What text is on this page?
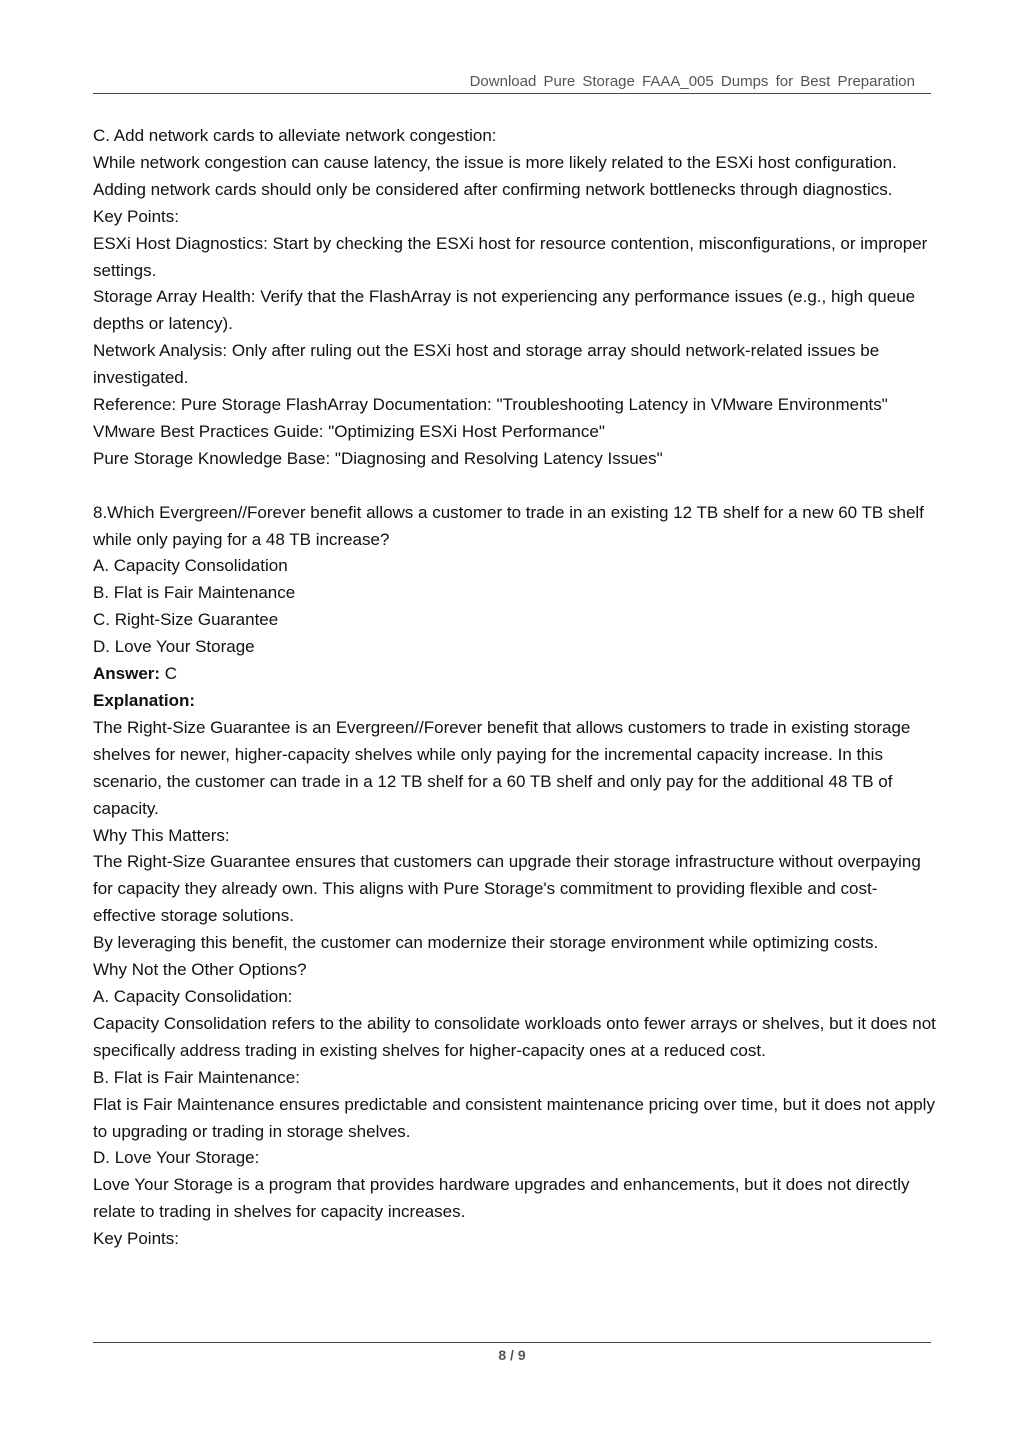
Download Pure Storage FAAA_005 Dumps for Best Preparation

C. Add network cards to alleviate network congestion:

While network congestion can cause latency, the issue is more likely related to the ESXi host configuration. Adding network cards should only be considered after confirming network bottlenecks through diagnostics.

Key Points:

ESXi Host Diagnostics: Start by checking the ESXi host for resource contention, misconfigurations, or improper settings.

Storage Array Health: Verify that the FlashArray is not experiencing any performance issues (e.g., high queue depths or latency).

Network Analysis: Only after ruling out the ESXi host and storage array should network-related issues be investigated.

Reference: Pure Storage FlashArray Documentation: "Troubleshooting Latency in VMware Environments"

VMware Best Practices Guide: "Optimizing ESXi Host Performance"

Pure Storage Knowledge Base: "Diagnosing and Resolving Latency Issues"

8.Which Evergreen//Forever benefit allows a customer to trade in an existing 12 TB shelf for a new 60 TB shelf while only paying for a 48 TB increase?

A. Capacity Consolidation

B. Flat is Fair Maintenance

C. Right-Size Guarantee

D. Love Your Storage

Answer: C

Explanation:

The Right-Size Guarantee is an Evergreen//Forever benefit that allows customers to trade in existing storage shelves for newer, higher-capacity shelves while only paying for the incremental capacity increase. In this scenario, the customer can trade in a 12 TB shelf for a 60 TB shelf and only pay for the additional 48 TB of capacity.

Why This Matters:

The Right-Size Guarantee ensures that customers can upgrade their storage infrastructure without overpaying for capacity they already own. This aligns with Pure Storage's commitment to providing flexible and cost-effective storage solutions.

By leveraging this benefit, the customer can modernize their storage environment while optimizing costs.

Why Not the Other Options?

A. Capacity Consolidation:

Capacity Consolidation refers to the ability to consolidate workloads onto fewer arrays or shelves, but it does not specifically address trading in existing shelves for higher-capacity ones at a reduced cost.

B. Flat is Fair Maintenance:

Flat is Fair Maintenance ensures predictable and consistent maintenance pricing over time, but it does not apply to upgrading or trading in storage shelves.

D. Love Your Storage:

Love Your Storage is a program that provides hardware upgrades and enhancements, but it does not directly relate to trading in shelves for capacity increases.

Key Points:

8 / 9
